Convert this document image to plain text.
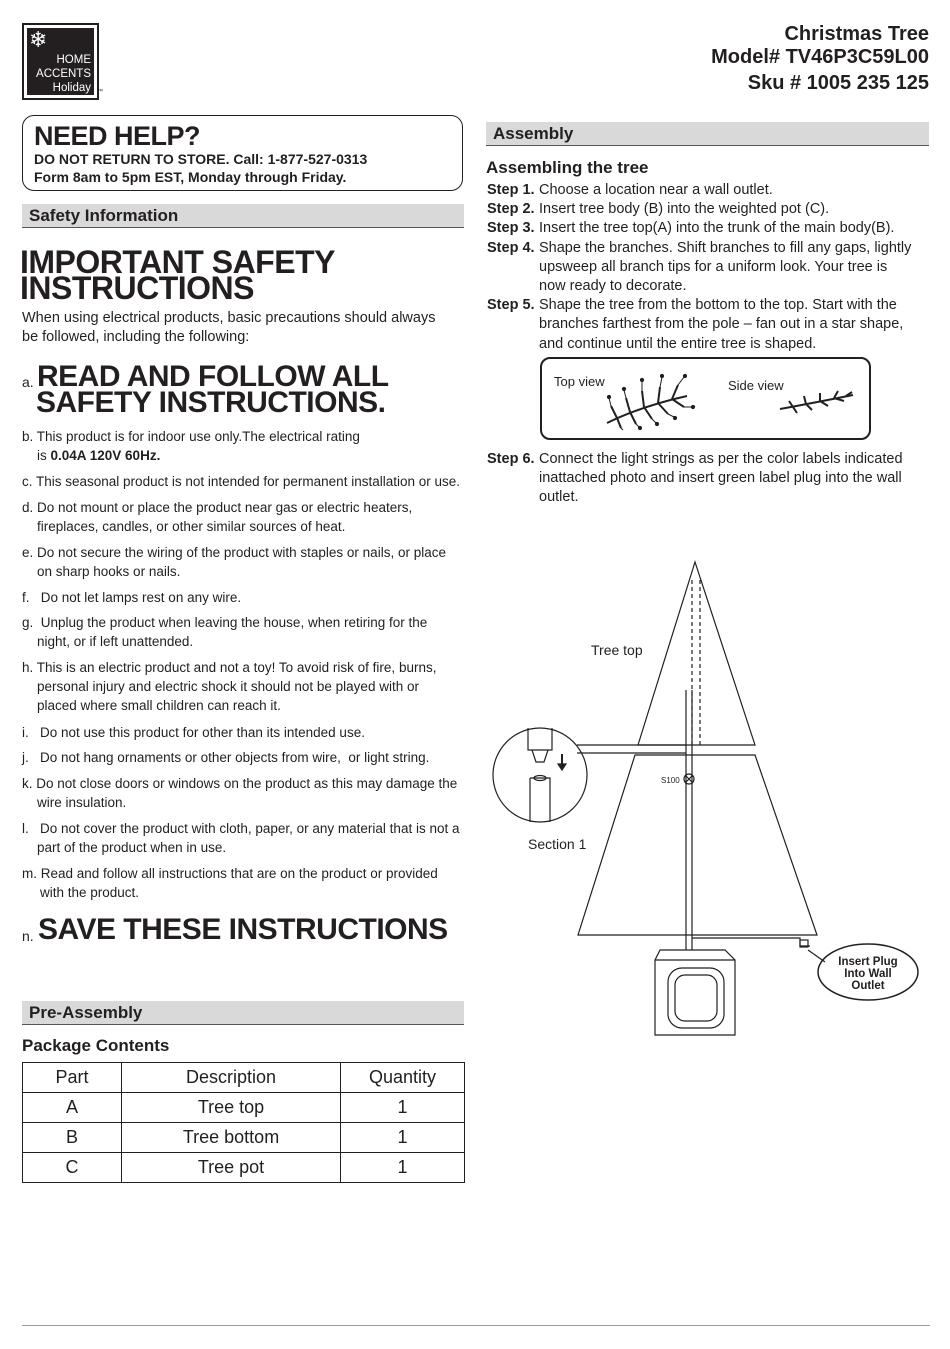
❄
HOME
ACCENTS
Holiday ™
Christmas Tree
Model# TV46P3C59L00
Sku # 1005 235 125
NEED HELP?
DO NOT RETURN TO STORE. Call: 1-877-527-0313
Form 8am to 5pm EST, Monday through Friday.
Safety Information
IMPORTANT SAFETY
INSTRUCTIONS
When using electrical products, basic precautions should always
be followed, including the following:
a. READ AND FOLLOW ALL
SAFETY INSTRUCTIONS.
b. This product is for indoor use only.The electrical rating
is 0.04A 120V 60Hz.
c. This seasonal product is not intended for permanent installation or use.
d. Do not mount or place the product near gas or electric heaters,
fireplaces, candles, or other similar sources of heat.
e. Do not secure the wiring of the product with staples or nails, or place
on sharp hooks or nails.
f.   Do not let lamps rest on any wire.
g.  Unplug the product when leaving the house, when retiring for the
night, or if left unattended.
h. This is an electric product and not a toy! To avoid risk of fire, burns,
personal injury and electric shock it should not be played with or
placed where small children can reach it.
i.   Do not use this product for other than its intended use.
j.   Do not hang ornaments or other objects from wire,  or light string.
k. Do not close doors or windows on the product as this may damage the
wire insulation.
l.   Do not cover the product with cloth, paper, or any material that is not a
part of the product when in use.
m. Read and follow all instructions that are on the product or provided
with the product.
n. SAVE THESE INSTRUCTIONS
Pre-Assembly
Package Contents
Part	Description	Quantity
A	Tree top	1
B	Tree bottom	1
C	Tree pot	1
Assembly
Assembling the tree
Step 1. Choose a location near a wall outlet.
Step 2. Insert tree body (B) into the weighted pot (C).
Step 3. Insert the tree top(A) into the trunk of the main body(B).
Step 4. Shape the branches. Shift branches to fill any gaps, lightly
upsweep all branch tips for a uniform look. Your tree is
now ready to decorate.
Step 5. Shape the tree from the bottom to the top. Start with the
branches farthest from the pole – fan out in a star shape,
and continue until the entire tree is shaped.
Top view	Side view
Step 6. Connect the light strings as per the color labels indicated
inattached photo and insert green label plug into the wall
outlet.
Tree top
Section 1
S100
Insert Plug
Into Wall
Outlet
